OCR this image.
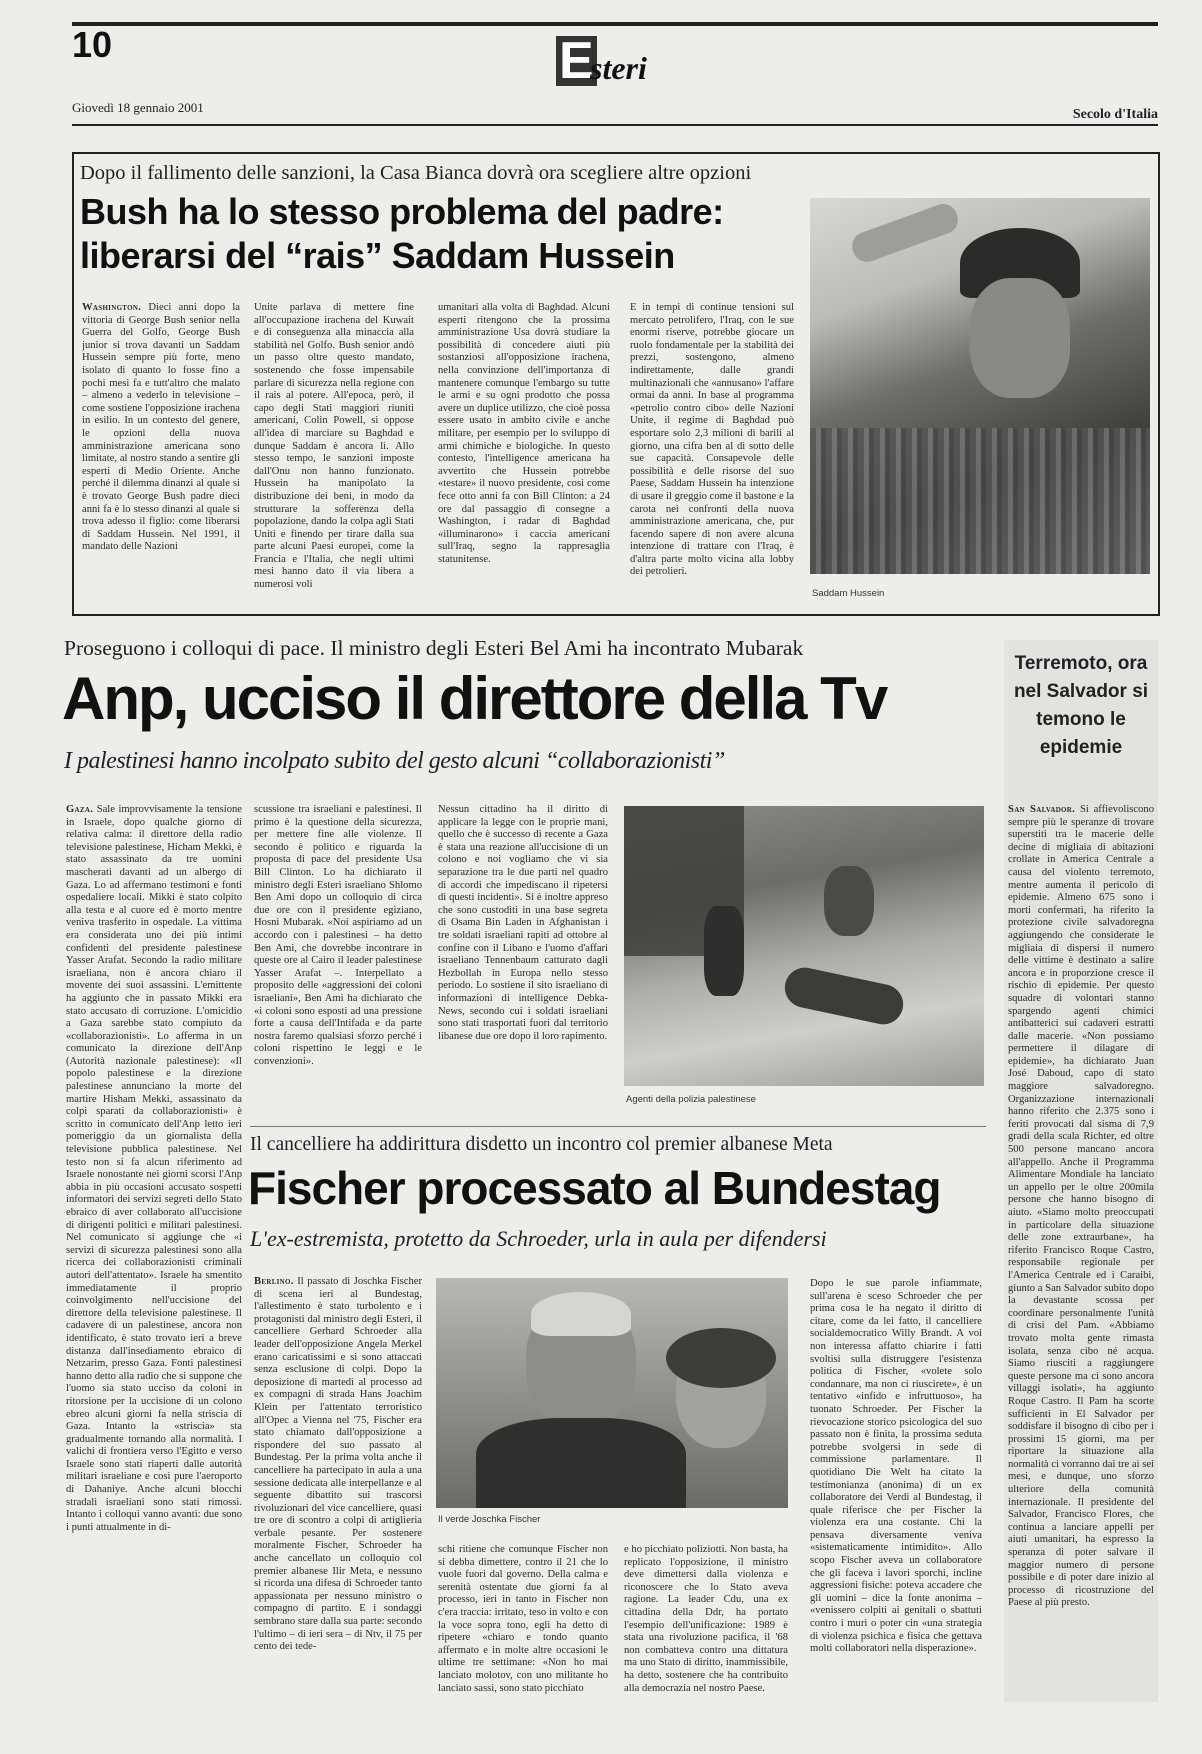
10	E
steri
Giovedì 18 gennaio 2001	Secolo d'Italia
Dopo il fallimento delle sanzioni, la Casa Bianca dovrà ora scegliere altre opzioni
Bush ha lo stesso problema del padre:
liberarsi del “rais” Saddam Hussein

Washington. Dieci anni dopo la vittoria di George Bush senior nella Guerra del Golfo, George Bush junior si trova davanti un Saddam Hussein sempre più forte, meno isolato di quanto lo fosse fino a pochi mesi fa e tutt'altro che malato – almeno a vederlo in televisione – come sostiene l'opposizione irachena in esilio. In un contesto del genere, le opzioni della nuova amministrazione americana sono limitate, al nostro stando a sentire gli esperti di Medio Oriente. Anche perché il dilemma dinanzi al quale si è trovato George Bush padre dieci anni fa è lo stesso dinanzi al quale si trova adesso il figlio: come liberarsi di Saddam Hussein. Nel 1991, il mandato delle Nazioni

Unite parlava di mettere fine all'occupazione irachena del Kuwait e di conseguenza alla minaccia alla stabilità nel Golfo. Bush senior andò un passo oltre questo mandato, sostenendo che fosse impensabile parlare di sicurezza nella regione con il rais al potere. All'epoca, però, il capo degli Stati maggiori riuniti americani, Colin Powell, si oppose all'idea di marciare su Baghdad e dunque Saddam è ancora lì. Allo stesso tempo, le sanzioni imposte dall'Onu non hanno funzionato. Hussein ha manipolato la distribuzione dei beni, in modo da strutturare la sofferenza della popolazione, dando la colpa agli Stati Uniti e finendo per tirare dalla sua parte alcuni Paesi europei, come la Francia e l'Italia, che negli ultimi mesi hanno dato il via libera a numerosi voli

umanitari alla volta di Baghdad. Alcuni esperti ritengono che la prossima amministrazione Usa dovrà studiare la possibilità di concedere aiuti più sostanziosi all'opposizione irachena, nella convinzione dell'importanza di mantenere comunque l'embargo su tutte le armi e su ogni prodotto che possa avere un duplice utilizzo, che cioè possa essere usato in ambito civile e anche militare, per esempio per lo sviluppo di armi chimiche e biologiche. In questo contesto, l'intelligence americana ha avvertito che Hussein potrebbe «testare» il nuovo presidente, così come fece otto anni fa con Bill Clinton: a 24 ore dal passaggio di consegne a Washington, i radar di Baghdad «illuminarono» i caccia americani sull'Iraq, segno la rappresaglia statunitense.

E in tempi di continue tensioni sul mercato petrolifero, l'Iraq, con le sue enormi riserve, potrebbe giocare un ruolo fondamentale per la stabilità dei prezzi, sostengono, almeno indirettamente, dalle grandi multinazionali che «annusano» l'affare ormai da anni. In base al programma «petrolio contro cibo» delle Nazioni Unite, il regime di Baghdad può esportare solo 2,3 milioni di barili al giorno, una cifra ben al di sotto delle sue capacità. Consapevole delle possibilità e delle risorse del suo Paese, Saddam Hussein ha intenzione di usare il greggio come il bastone e la carota nei confronti della nuova amministrazione americana, che, pur facendo sapere di non avere alcuna intenzione di trattare con l'Iraq, è d'altra parte molto vicina alla lobby dei petrolieri.

Saddam Hussein
Proseguono i colloqui di pace. Il ministro degli Esteri Bel Ami ha incontrato Mubarak
Anp, ucciso il direttore della Tv
I palestinesi hanno incolpato subito del gesto alcuni “collaborazionisti”

Gaza. Sale improvvisamente la tensione in Israele, dopo qualche giorno di relativa calma: il direttore della radio televisione palestinese, Hicham Mekki, è stato assassinato da tre uomini mascherati davanti ad un albergo di Gaza. Lo ad affermano testimoni e fonti ospedaliere locali. Mikki è stato colpito alla testa e al cuore ed è morto mentre veniva trasferito in ospedale. La vittima era considerata uno dei più intimi confidenti del presidente palestinese Yasser Arafat. Secondo la radio militare israeliana, non è ancora chiaro il movente dei suoi assassini. L'emittente ha aggiunto che in passato Mikki era stato accusato di corruzione. L'omicidio a Gaza sarebbe stato compiuto da «collaborazionisti». Lo afferma in un comunicato la direzione dell'Anp (Autorità nazionale palestinese): «Il popolo palestinese e la direzione palestinese annunciano la morte del martire Hisham Mekki, assassinato da colpi sparati da collaborazionisti» è scritto in comunicato dell'Anp letto ieri pomeriggio da un giornalista della televisione pubblica palestinese. Nel testo non si fa alcun riferimento ad Israele nonostante nei giorni scorsi l'Anp abbia in più occasioni accusato sospetti informatori dei servizi segreti dello Stato ebraico di aver collaborato all'uccisione di dirigenti politici e militari palestinesi. Nel comunicato si aggiunge che «i servizi di sicurezza palestinesi sono alla ricerca dei collaborazionisti criminali autori dell'attentato». Israele ha smentito immediatamente il proprio coinvolgimento nell'uccisione del direttore della televisione palestinese. Il cadavere di un palestinese, ancora non identificato, è stato trovato ieri a breve distanza dall'insediamento ebraico di Netzarim, presso Gaza. Fonti palestinesi hanno detto alla radio che si suppone che l'uomo sia stato ucciso da coloni in ritorsione per la uccisione di un colono ebreo alcuni giorni fa nella striscia di Gaza. Intanto la «striscia» sta gradualmente tornando alla normalità. I valichi di frontiera verso l'Egitto e verso Israele sono stati riaperti dalle autorità militari israeliane e così pure l'aeroporto di Dahaniye. Anche alcuni blocchi stradali israeliani sono stati rimossi. Intanto i colloqui vanno avanti: due sono i punti attualmente in di-

scussione tra israeliani e palestinesi. Il primo è la questione della sicurezza, per mettere fine alle violenze. Il secondo è politico e riguarda la proposta di pace del presidente Usa Bill Clinton. Lo ha dichiarato il ministro degli Esteri israeliano Shlomo Ben Ami dopo un colloquio di circa due ore con il presidente egiziano, Hosni Mubarak. «Noi aspiriamo ad un accordo con i palestinesi – ha detto Ben Ami, che dovrebbe incontrare in queste ore al Cairo il leader palestinese Yasser Arafat –. Interpellato a proposito delle «aggressioni dei coloni israeliani», Ben Ami ha dichiarato che «i coloni sono esposti ad una pressione forte a causa dell'Intifada e da parte nostra faremo qualsiasi sforzo perché i coloni rispettino le leggi e le convenzioni».

Nessun cittadino ha il diritto di applicare la legge con le proprie mani, quello che è successo di recente a Gaza è stata una reazione all'uccisione di un colono e noi vogliamo che vi sia separazione tra le due parti nel quadro di accordi che impediscano il ripetersi di questi incidenti». Si è inoltre appreso che sono custoditi in una base segreta di Osama Bin Laden in Afghanistan i tre soldati israeliani rapiti ad ottobre al confine con il Libano e l'uomo d'affari israeliano Tennenbaum catturato dagli Hezbollah in Europa nello stesso periodo. Lo sostiene il sito israeliano di informazioni di intelligence Debka-News, secondo cui i soldati israeliani sono stati trasportati fuori dal territorio libanese due ore dopo il loro rapimento.

Agenti della polizia palestinese
Il cancelliere ha addirittura disdetto un incontro col premier albanese Meta
Fischer processato al Bundestag
L'ex-estremista, protetto da Schroeder, urla in aula per difendersi

Berlino. Il passato di Joschka Fischer di scena ieri al Bundestag, l'allestimento è stato turbolento e i protagonisti dal ministro degli Esteri, il cancelliere Gerhard Schroeder alla leader dell'opposizione Angela Merkel erano caricatissimi e si sono attaccati senza esclusione di colpi. Dopo la deposizione di martedì al processo ad ex compagni di strada Hans Joachim Klein per l'attentato terroristico all'Opec a Vienna nel '75, Fischer era stato chiamato dall'opposizione a rispondere del suo passato al Bundestag. Per la prima volta anche il cancelliere ha partecipato in aula a una sessione dedicata alle interpellanze e al seguente dibattito sui trascorsi rivoluzionari del vice cancelliere, quasi tre ore di scontro a colpi di artiglieria verbale pesante. Per sostenere moralmente Fischer, Schroeder ha anche cancellato un colloquio col premier albanese Ilir Meta, e nessuno si ricorda una difesa di Schroeder tanto appassionata per nessuno ministro o compagno di partito. E i sondaggi sembrano stare dalla sua parte: secondo l'ultimo – di ieri sera – di Ntv, il 75 per cento dei tede-

Il verde Joschka Fischer

schi ritiene che comunque Fischer non si debba dimettere, contro il 21 che lo vuole fuori dal governo. Della calma e serenità ostentate due giorni fa al processo, ieri in tanto in Fischer non c'era traccia: irritato, teso in volto e con la voce sopra tono, egli ha detto di ripetere «chiaro e tondo quanto affermato e in molte altre occasioni le ultime tre settimane: «Non ho mai lanciato molotov, con uno militante ho lanciato sassi, sono stato picchiato

e ho picchiato poliziotti. Non basta, ha replicato l'opposizione, il ministro deve dimettersi dalla violenza e riconoscere che lo Stato aveva ragione. La leader Cdu, una ex cittadina della Ddr, ha portato l'esempio dell'unificazione: 1989 è stata una rivoluzione pacifica, il '68 non combatteva contro una dittatura ma uno Stato di diritto, inammissibile, ha detto, sostenere che ha contribuito alla democrazia nel nostro Paese.

Dopo le sue parole infiammate, sull'arena è sceso Schroeder che per prima cosa le ha negato il diritto di citare, come da lei fatto, il cancelliere socialdemocratico Willy Brandt. A voi non interessa affatto chiarire i fatti svoltisi sulla distruggere l'esistenza politica di Fischer, «volete solo condannare, ma non ci riuscirete», è un tentativo «infido e infruttuoso», ha tuonato Schroeder. Per Fischer la rievocazione storico psicologica del suo passato non è finita, la prossima seduta potrebbe svolgersi in sede di commissione parlamentare. Il quotidiano Die Welt ha citato la testimonianza (anonima) di un ex collaboratore dei Verdi al Bundestag, il quale riferisce che per Fischer la violenza era una costante. Chi la pensava diversamente veniva «sistematicamente intimidito». Allo scopo Fischer aveva un collaboratore che gli faceva i lavori sporchi, incline aggressioni fisiche: poteva accadere che gli uomini – dice la fonte anonima – «venissero colpiti ai genitali o sbattuti contro i muri o poter cin «una strategia di violenza psichica e fisica che gettava molti collaboratori nella disperazione».

Terremoto, ora nel Salvador si temono le epidemie

San Salvador. Si affievoliscono sempre più le speranze di trovare superstiti tra le macerie delle decine di migliaia di abitazioni crollate in America Centrale a causa del violento terremoto, mentre aumenta il pericolo di epidemie. Almeno 675 sono i morti confermati, ha riferito la protezione civile salvadoregna aggiungendo che considerate le migliaia di dispersi il numero delle vittime è destinato a salire ancora e in proporzione cresce il rischio di epidemie. Per questo squadre di volontari stanno spargendo agenti chimici antibatterici sui cadaveri estratti dalle macerie. «Non possiamo permettere il dilagare di epidemie», ha dichiarato Juan José Daboud, capo di stato maggiore salvadoregno. Organizzazione internazionali hanno riferito che 2.375 sono i feriti provocati dal sisma di 7,9 gradi della scala Richter, ed oltre 500 persone mancano ancora all'appello. Anche il Programma Alimentare Mondiale ha lanciato un appello per le oltre 200mila persone che hanno bisogno di aiuto. «Siamo molto preoccupati in particolare della situazione delle zone extraurbane», ha riferito Francisco Roque Castro, responsabile regionale per l'America Centrale ed i Caraibi, giunto a San Salvador subito dopo la devastante scossa per coordinare personalmente l'unità di crisi del Pam. «Abbiamo trovato molta gente rimasta isolata, senza cibo né acqua. Siamo riusciti a raggiungere queste persone ma ci sono ancora villaggi isolati», ha aggiunto Roque Castro. Il Pam ha scorte sufficienti in El Salvador per soddisfare il bisogno di cibo per i prossimi 15 giorni, ma per riportare la situazione alla normalità ci vorranno dai tre ai sei mesi, e dunque, uno sforzo ulteriore della comunità internazionale. Il presidente del Salvador, Francisco Flores, che continua a lanciare appelli per aiuti umanitari, ha espresso la speranza di poter salvare il maggior numero di persone possibile e di poter dare inizio al processo di ricostruzione del Paese al più presto.
